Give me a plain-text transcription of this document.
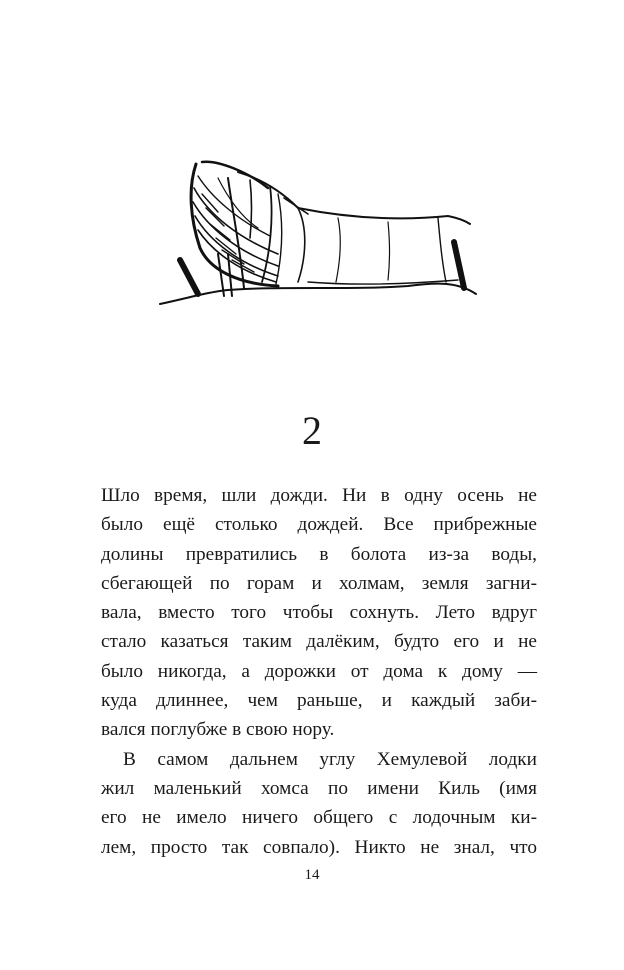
2
Шло время, шли дожди. Ни в одну осень не
было ещё столько дождей. Все прибрежные
долины превратились в болота из-за воды,
сбегающей по горам и холмам, земля загни-
вала, вместо того чтобы сохнуть. Лето вдруг
стало казаться таким далёким, будто его и не
было никогда, а дорожки от дома к дому —
куда длиннее, чем раньше, и каждый заби-
вался поглубже в свою нору.
В самом дальнем углу Хемулевой лодки
жил маленький хомса по имени Киль (имя
его не имело ничего общего с лодочным ки-
лем, просто так совпало). Никто не знал, что
14
